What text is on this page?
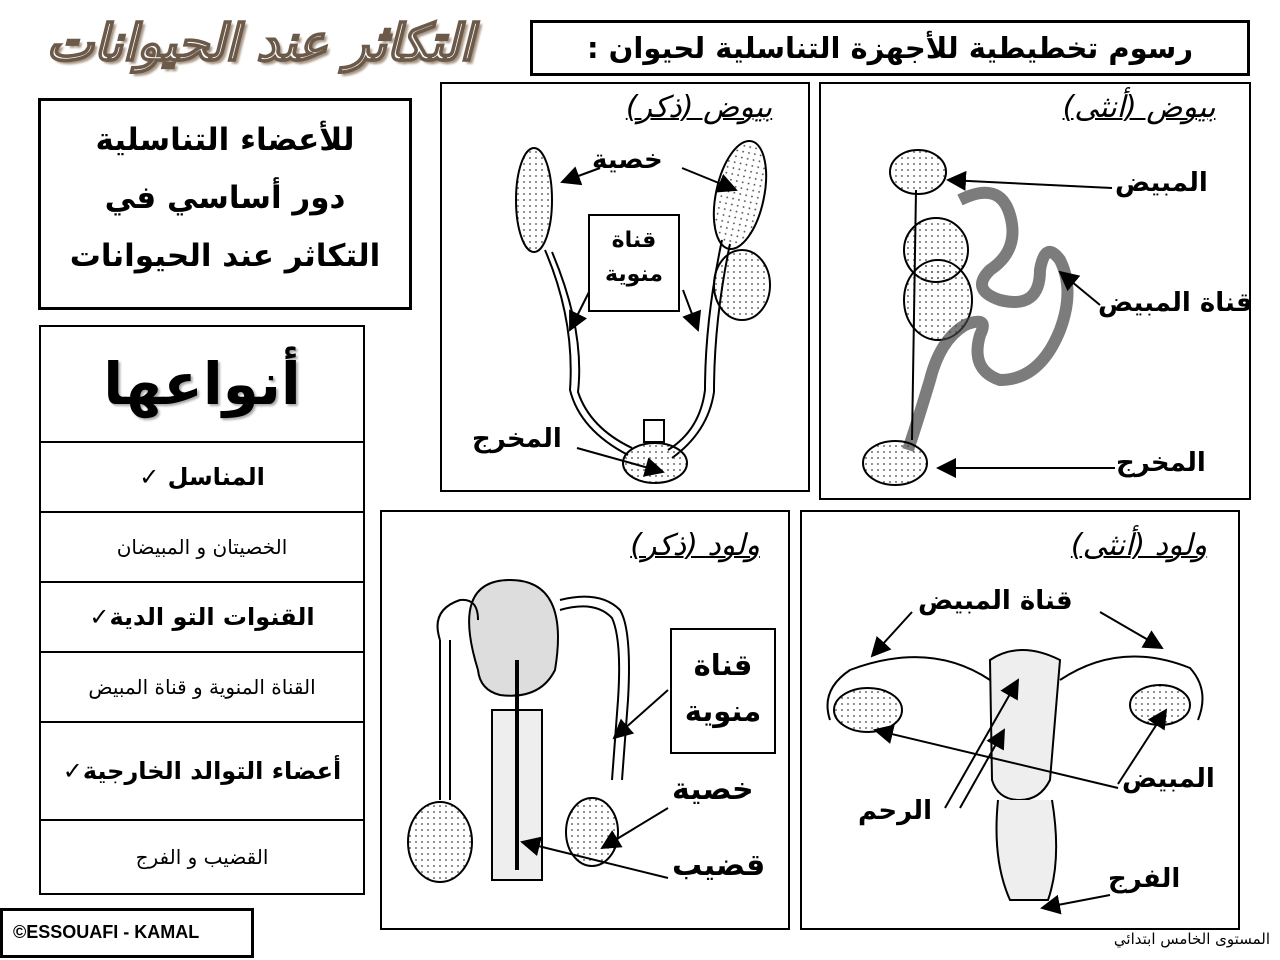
التكاثر عند الحيوانات	رسوم تخطيطية للأجهزة التناسلية لحيوان :
للأعضاء التناسلية
دور أساسي في
التكاثر عند الحيوانات
أنواعها
المناسل ✓
الخصيتان و المبيضان
القنوات التو الدية✓
القناة المنوية و قناة المبيض
أعضاء التوالد الخارجية✓
القضيب و الفرج
بيوض (ذكر)	بيوض (أنثى)
ولود (ذكر)	ولود (أنثى)
خصية
قناة
منوية
المخرج
المبيض
قناة المبيض
المخرج
قناة
منوية
خصية
قضيب
قناة المبيض
المبيض
الرحم
الفرج
©ESSOUAFI - KAMAL	المستوى الخامس ابتدائي
